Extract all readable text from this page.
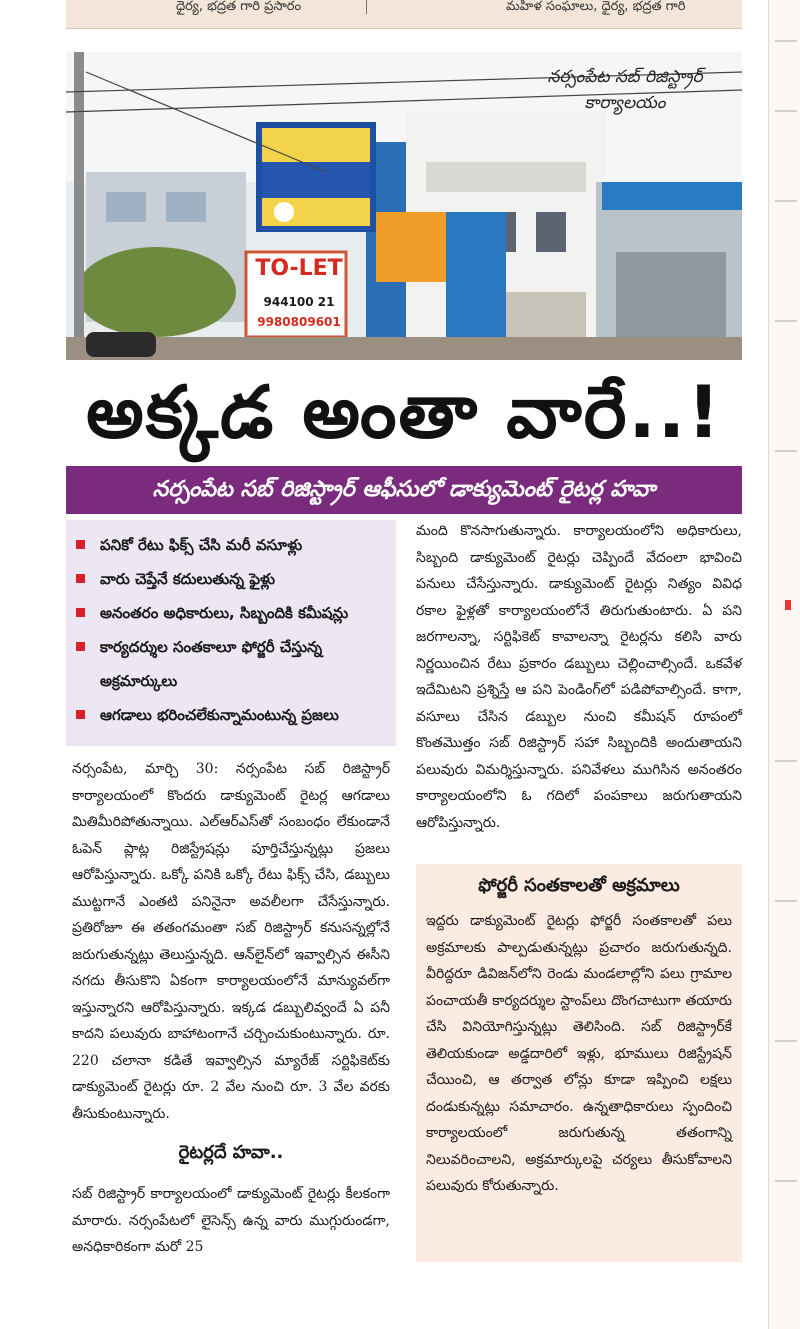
ధైర్య, భద్రత గారి ప్రసారం	మహిళ సంఘాలు, ధైర్య, భద్రత గారి
TO-LET
944100 21
9980809601
నర్సంపేట సబ్ రిజిస్ట్రార్
కార్యాలయం
అక్కడ అంతా వారే..!
నర్సంపేట సబ్ రిజిస్ట్రార్ ఆఫీసులో డాక్యుమెంట్ రైటర్ల హవా
పనికో రేటు ఫిక్స్ చేసి మరీ వసూళ్లు
వారు చెప్తేనే కదులుతున్న ఫైళ్లు
అనంతరం అధికారులు, సిబ్బందికి కమీషన్లు
కార్యదర్శుల సంతకాలూ ఫోర్జరీ చేస్తున్న అక్రమార్కులు
ఆగడాలు భరించలేకున్నామంటున్న ప్రజలు

నర్సంపేట, మార్చి 30: నర్సంపేట సబ్ రిజిస్ట్రార్ కార్యాలయంలో కొందరు డాక్యుమెంట్ రైటర్ల ఆగడాలు మితిమీరిపోతున్నాయి. ఎల్ఆర్ఎస్‌తో సంబంధం లేకుండానే ఓపెన్ ప్లాట్ల రిజిస్ట్రేషన్లు పూర్తిచేస్తున్నట్లు ప్రజలు ఆరోపిస్తున్నారు. ఒక్కో పనికి ఒక్కో రేటు ఫిక్స్ చేసి, డబ్బులు ముట్టగానే ఎంతటి పనినైనా అవలీలగా చేసేస్తున్నారు. ప్రతిరోజూ ఈ తతంగమంతా సబ్ రిజిస్ట్రార్ కనుసన్నల్లోనే జరుగుతున్నట్లు తెలుస్తున్నది. ఆన్‌లైన్‌లో ఇవ్వాల్సిన ఈసీని నగదు తీసుకొని ఏకంగా కార్యాలయంలోనే మాన్యువల్‌గా ఇస్తున్నారని ఆరోపిస్తున్నారు. ఇక్కడ డబ్బులివ్వందే ఏ పనీ కాదని పలువురు బాహాటంగానే చర్చించుకుంటున్నారు. రూ. 220 చలానా కడితే ఇవ్వాల్సిన మ్యారేజ్ సర్టిఫికెట్‌కు డాక్యుమెంట్ రైటర్లు రూ. 2 వేల నుంచి రూ. 3 వేల వరకు తీసుకుంటున్నారు.

రైటర్లదే హవా..

సబ్ రిజిస్ట్రార్ కార్యాలయంలో డాక్యుమెంట్ రైటర్లు కీలకంగా మారారు. నర్సంపేటలో లైసెన్స్ ఉన్న వారు ముగ్గురుండగా, అనధికారికంగా మరో 25

మంది కొనసాగుతున్నారు. కార్యాలయంలోని అధికారులు, సిబ్బంది డాక్యుమెంట్ రైటర్లు చెప్పిందే వేదంలా భావించి పనులు చేసేస్తున్నారు. డాక్యుమెంట్ రైటర్లు నిత్యం వివిధ రకాల ఫైళ్లతో కార్యాలయంలోనే తిరుగుతుంటారు. ఏ పని జరగాలన్నా, సర్టిఫికెట్ కావాలన్నా రైటర్లను కలిసి వారు నిర్ణయించిన రేటు ప్రకారం డబ్బులు చెల్లించాల్సిందే. ఒకవేళ ఇదేమిటని ప్రశ్నిస్తే ఆ పని పెండింగ్‌లో పడిపోవాల్సిందే. కాగా, వసూలు చేసిన డబ్బుల నుంచి కమీషన్ రూపంలో కొంతమొత్తం సబ్ రిజిస్ట్రార్ సహా సిబ్బందికి అందుతాయని పలువురు విమర్శిస్తున్నారు. పనివేళలు ముగిసిన అనంతరం కార్యాలయంలోని ఓ గదిలో పంపకాలు జరుగుతాయని ఆరోపిస్తున్నారు.

ఫోర్జరీ సంతకాలతో అక్రమాలు

ఇద్దరు డాక్యుమెంట్ రైటర్లు ఫోర్జరీ సంతకాలతో పలు అక్రమాలకు పాల్పడుతున్నట్లు ప్రచారం జరుగుతున్నది. వీరిద్దరూ డివిజన్‌లోని రెండు మండలాల్లోని పలు గ్రామాల పంచాయతీ కార్యదర్శుల స్టాంప్‌లు దొంగచాటుగా తయారు చేసి వినియోగిస్తున్నట్లు తెలిసింది. సబ్ రిజిస్ట్రార్‌కే తెలియకుండా అడ్డదారిలో ఇళ్లు, భూములు రిజిస్ట్రేషన్ చేయించి, ఆ తర్వాత లోన్లు కూడా ఇప్పించి లక్షలు దండుకున్నట్లు సమాచారం. ఉన్నతాధికారులు స్పందించి కార్యాలయంలో జరుగుతున్న తతంగాన్ని నిలువరించాలని, అక్రమార్కులపై చర్యలు తీసుకోవాలని పలువురు కోరుతున్నారు.
